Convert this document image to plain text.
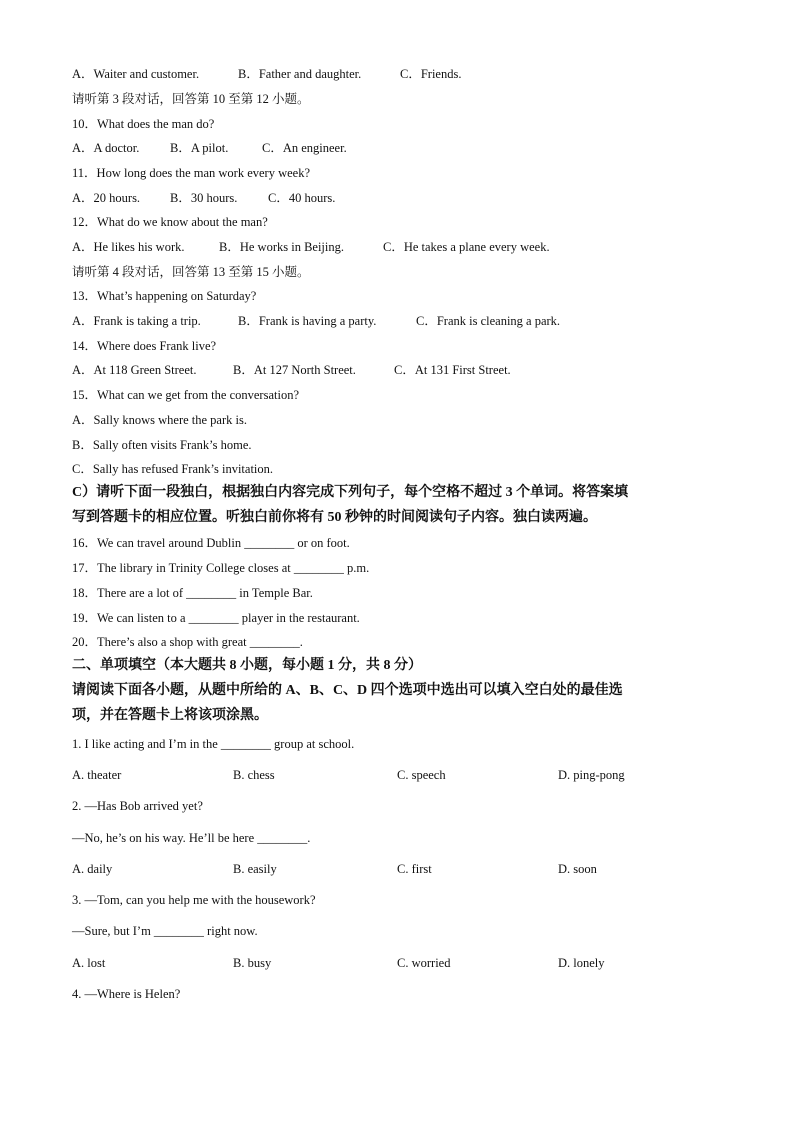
A．Waiter and customer.	B．Father and daughter.	C．Friends.
请听第 3 段对话，回答第 10 至第 12 小题。
10．What does the man do?
A．A doctor. B．A pilot.	C．An engineer.
11．How long does the man work every week?
A．20 hours. B．30 hours. C．40 hours.
12．What do we know about the man?
A．He likes his work.	B．He works in Beijing.	C．He takes a plane every week.
请听第 4 段对话，回答第 13 至第 15 小题。
13．What’s happening on Saturday?
A．Frank is taking a trip.	B．Frank is having a party.	C．Frank is cleaning a park.
14．Where does Frank live?
A．At 118 Green Street.	B．At 127 North Street.	C．At 131 First Street.
15．What can we get from the conversation?
A．Sally knows where the park is.
B．Sally often visits Frank’s home.
C．Sally has refused Frank’s invitation.
C）请听下面一段独白，根据独白内容完成下列句子，每个空格不超过 3 个单词。将答案填
写到答题卡的相应位置。听独白前你将有 50 秒钟的时间阅读句子内容。独白读两遍。
16．We can travel around Dublin ________ or on foot.
17．The library in Trinity College closes at ________ p.m.
18．There are a lot of ________ in Temple Bar.
19．We can listen to a ________ player in the restaurant.
20．There’s also a shop with great ________.
二、单项填空（本大题共 8 小题，每小题 1 分，共 8 分）
请阅读下面各小题，从题中所给的 A、B、C、D 四个选项中选出可以填入空白处的最佳选
项，并在答题卡上将该项涂黑。
1. I like acting and I’m in the ________ group at school.
A. theater	B. chess	C. speech	D. ping-pong
2. —Has Bob arrived yet?
—No, he’s on his way. He’ll be here ________.
A. daily	B. easily	C. first	D. soon
3. —Tom, can you help me with the housework?
—Sure, but I’m ________ right now.
A. lost	B. busy	C. worried	D. lonely
4. —Where is Helen?
